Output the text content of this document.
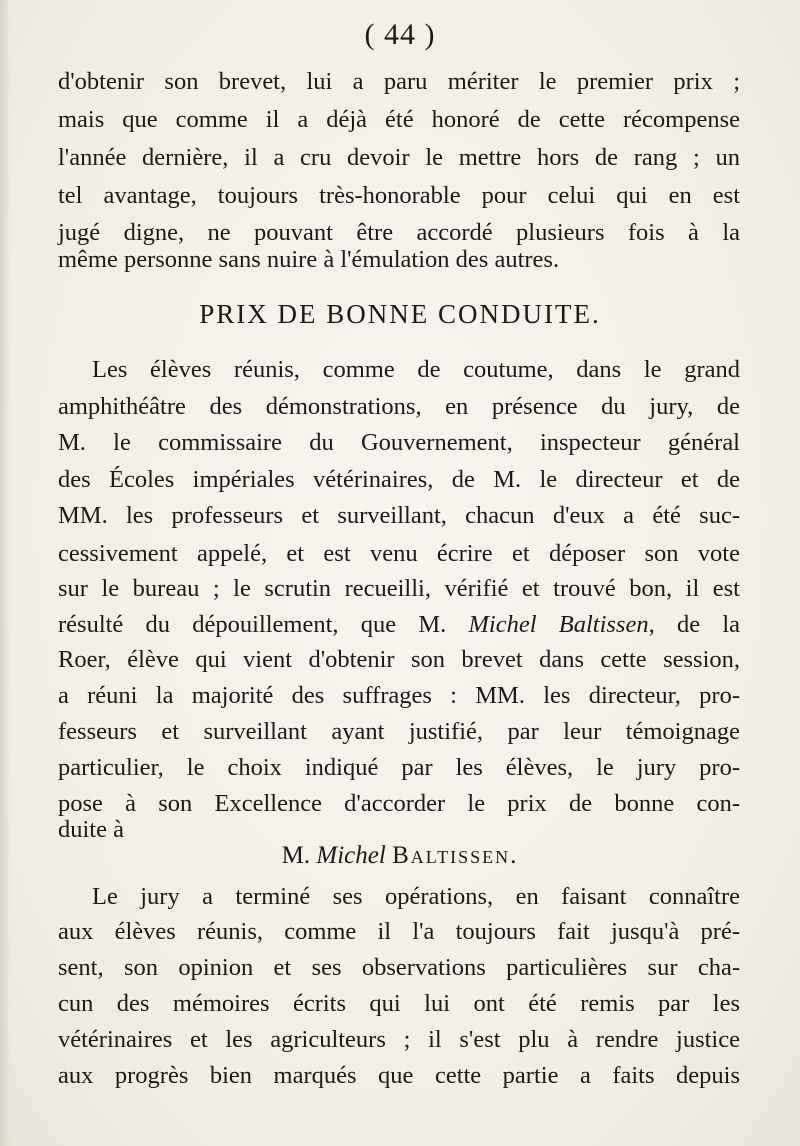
( 44 )
d'obtenir son brevet, lui a paru mériter le premier prix ;
mais que comme il a déjà été honoré de cette récompense
l'année dernière, il a cru devoir le mettre hors de rang ; un
tel avantage, toujours très-honorable pour celui qui en est
jugé digne, ne pouvant être accordé plusieurs fois à la
même personne sans nuire à l'émulation des autres.
PRIX DE BONNE CONDUITE.
Les élèves réunis, comme de coutume, dans le grand
amphithéâtre des démonstrations, en présence du jury, de
M. le commissaire du Gouvernement, inspecteur général
des Écoles impériales vétérinaires, de M. le directeur et de
MM. les professeurs et surveillant, chacun d'eux a été suc-
cessivement appelé, et est venu écrire et déposer son vote
sur le bureau ; le scrutin recueilli, vérifié et trouvé bon, il est
résulté du dépouillement, que M. Michel Baltissen, de la
Roer, élève qui vient d'obtenir son brevet dans cette session,
a réuni la majorité des suffrages : MM. les directeur, pro-
fesseurs et surveillant ayant justifié, par leur témoignage
particulier, le choix indiqué par les élèves, le jury pro-
pose à son Excellence d'accorder le prix de bonne con-
duite à
M. Michel Baltissen.
Le jury a terminé ses opérations, en faisant connaître
aux élèves réunis, comme il l'a toujours fait jusqu'à pré-
sent, son opinion et ses observations particulières sur cha-
cun des mémoires écrits qui lui ont été remis par les
vétérinaires et les agriculteurs ; il s'est plu à rendre justice
aux progrès bien marqués que cette partie a faits depuis
